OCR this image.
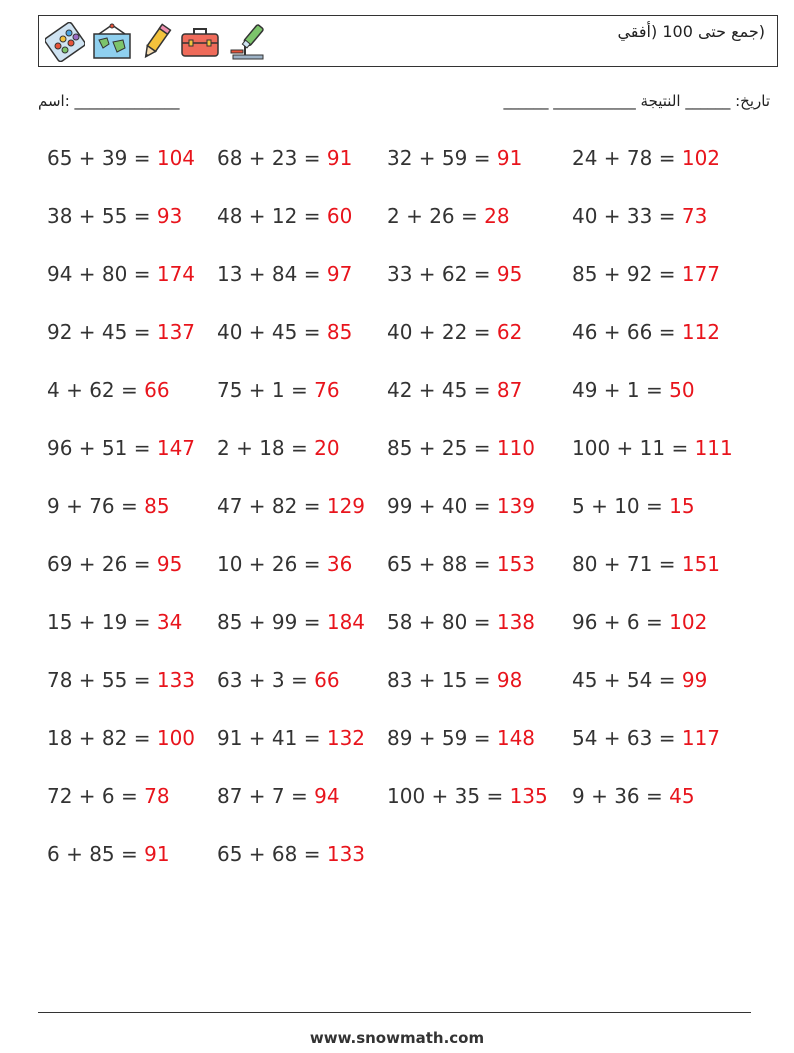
(جمع حتى 100 (أفقي
اسم: ______________	تاريخ: ______ النتيجة ___________ ______
65 + 39 = 104 68 + 23 = 91 32 + 59 = 91 24 + 78 = 102
38 + 55 = 93 48 + 12 = 60 2 + 26 = 28	40 + 33 = 73
94 + 80 = 174 13 + 84 = 97 33 + 62 = 95 85 + 92 = 177
92 + 45 = 137 40 + 45 = 85 40 + 22 = 62 46 + 66 = 112
4 + 62 = 66 75 + 1 = 76 42 + 45 = 87 49 + 1 = 50
96 + 51 = 147 2 + 18 = 20 85 + 25 = 110 100 + 11 = 111
9 + 76 = 85 47 + 82 = 129 99 + 40 = 139 5 + 10 = 15
69 + 26 = 95 10 + 26 = 36 65 + 88 = 153 80 + 71 = 151
15 + 19 = 34 85 + 99 = 184 58 + 80 = 138 96 + 6 = 102
78 + 55 = 133 63 + 3 = 66 83 + 15 = 98 45 + 54 = 99
18 + 82 = 100 91 + 41 = 132 89 + 59 = 148 54 + 63 = 117
72 + 6 = 78 87 + 7 = 94 100 + 35 = 135 9 + 36 = 45
6 + 85 = 91 65 + 68 = 133
www.snowmath.com
